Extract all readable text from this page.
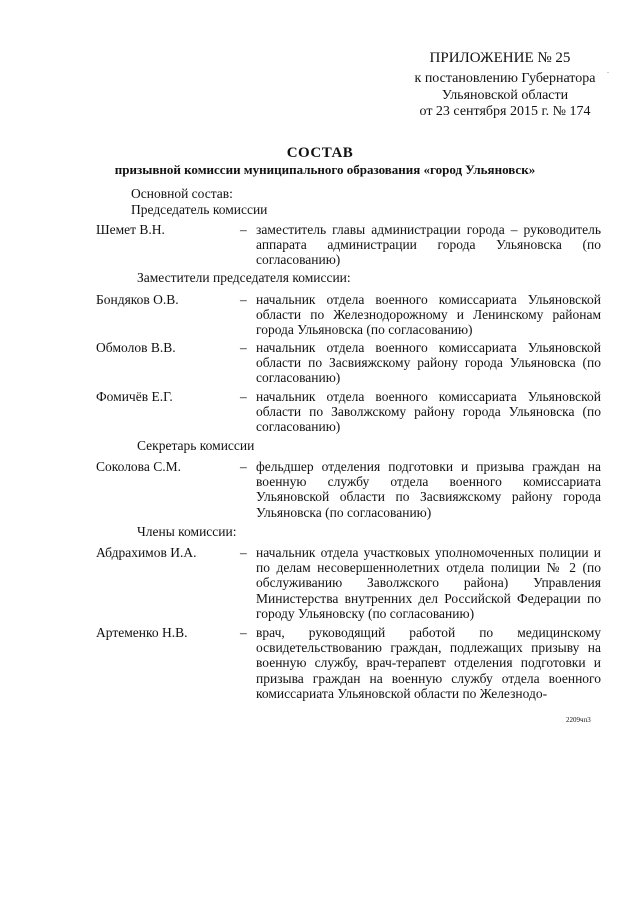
ПРИЛОЖЕНИЕ № 25
.
к постановлению Губернатора
Ульяновской области
от 23 сентября 2015 г. № 174
СОСТАВ
призывной комиссии муниципального образования «город Ульяновск»
Основной состав:
Председатель комиссии
Шемет В.Н.	– заместитель главы администрации города – руководитель аппарата администрации города Ульяновска (по согласованию)
Заместители председателя комиссии:
Бондяков О.В.	– начальник отдела военного комиссариата Ульяновской области по Железнодорожному и Ленинскому районам города Ульяновска (по согласованию)
Обмолов В.В.	– начальник отдела военного комиссариата Ульяновской области по Засвияжскому району города Ульяновска (по согласованию)
Фомичёв Е.Г.	– начальник отдела военного комиссариата Ульяновской области по Заволжскому району города Ульяновска (по согласованию)
Секретарь комиссии
Соколова С.М.	– фельдшер отделения подготовки и призыва граждан на военную службу отдела военного комиссариата Ульяновской области по Засвияжскому району города Ульяновска (по согласованию)
Члены комиссии:
Абдрахимов И.А.	– начальник отдела участковых уполномоченных полиции и по делам несовершеннолетних отдела полиции № 2 (по обслуживанию Заволжского района) Управления Министерства внутренних дел Российской Федерации по городу Ульяновску (по согласованию)
Артеменко Н.В.	– врач, руководящий работой по медицинскому освидетельствованию граждан, подлежащих призыву на военную службу, врач-терапевт отделения подготовки и призыва граждан на военную службу отдела военного комиссариата Ульяновской области по Железнодо-
2209чп3
